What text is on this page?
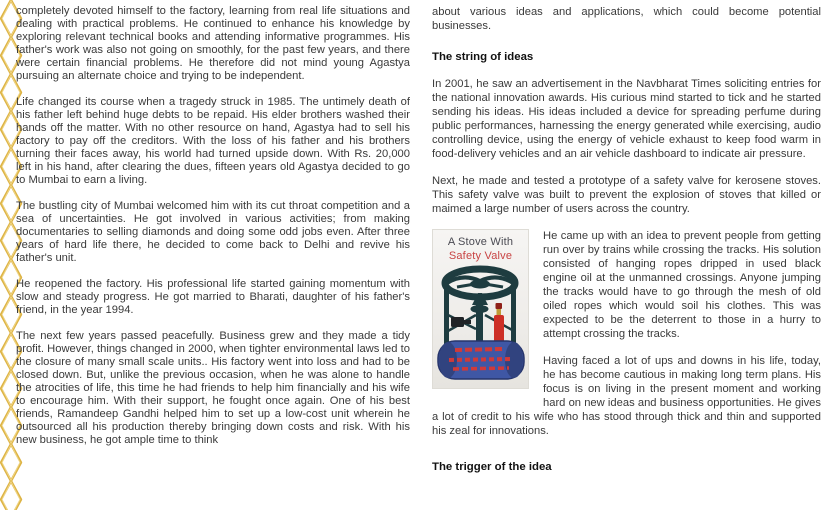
completely devoted himself to the factory, learning from real life situations and dealing with practical problems. He continued to enhance his knowledge by exploring relevant technical books and attending informative programmes. His father's work was also not going on smoothly, for the past few years, and there were certain financial problems. He therefore did not mind young Agastya pursuing an alternate choice and trying to be independent.

Life changed its course when a tragedy struck in 1985. The untimely death of his father left behind huge debts to be repaid. His elder brothers washed their hands off the matter. With no other resource on hand, Agastya had to sell his factory to pay off the creditors. With the loss of his father and his brothers turning their faces away, his world had turned upside down. With Rs. 20,000 left in his hand, after clearing the dues, fifteen years old Agastya decided to go to Mumbai to earn a living.

The bustling city of Mumbai welcomed him with its cut throat competition and a sea of uncertainties. He got involved in various activities; from making documentaries to selling diamonds and doing some odd jobs even. After three years of hard life there, he decided to come back to Delhi and revive his father's unit.

He reopened the factory. His professional life started gaining momentum with slow and steady progress. He got married to Bharati, daughter of his father's friend, in the year 1994.

The next few years passed peacefully. Business grew and they made a tidy profit. However, things changed in 2000, when tighter environmental laws led to the closure of many small scale units.. His factory went into loss and had to be closed down. But, unlike the previous occasion, when he was alone to handle the atrocities of life, this time he had friends to help him financially and his wife to encourage him. With their support, he fought once again. One of his best friends, Ramandeep Gandhi helped him to set up a low-cost unit wherein he outsourced all his production thereby bringing down costs and risk. With his new business, he got ample time to think

about various ideas and applications, which could become potential businesses.

The string of ideas

In 2001, he saw an advertisement in the Navbharat Times soliciting entries for the national innovation awards. His curious mind started to tick and he started sending his ideas. His ideas included a device for spreading perfume during public performances, harnessing the energy generated while exercising, audio controlling device, using the energy of vehicle exhaust to keep food warm in food-delivery vehicles and an air vehicle dashboard to indicate air pressure.

Next, he made and tested a prototype of a safety valve for kerosene stoves. This safety valve was built to prevent the explosion of stoves that killed or maimed a large number of users across the country.

A Stove With
Safety Valve

He came up with an idea to prevent people from getting run over by trains while crossing the tracks. His solution consisted of hanging ropes dripped in used black engine oil at the unmanned crossings. Anyone jumping the tracks would have to go through the mesh of old oiled ropes which would soil his clothes. This was expected to be the deterrent to those in a hurry to attempt crossing the tracks.

Having faced a lot of ups and downs in his life, today, he has become cautious in making long term plans. His focus is on living in the present moment and working hard on new ideas and business opportunities. He gives a lot of credit to his wife who has stood through thick and thin and supported his zeal for innovations.

The trigger of the idea
